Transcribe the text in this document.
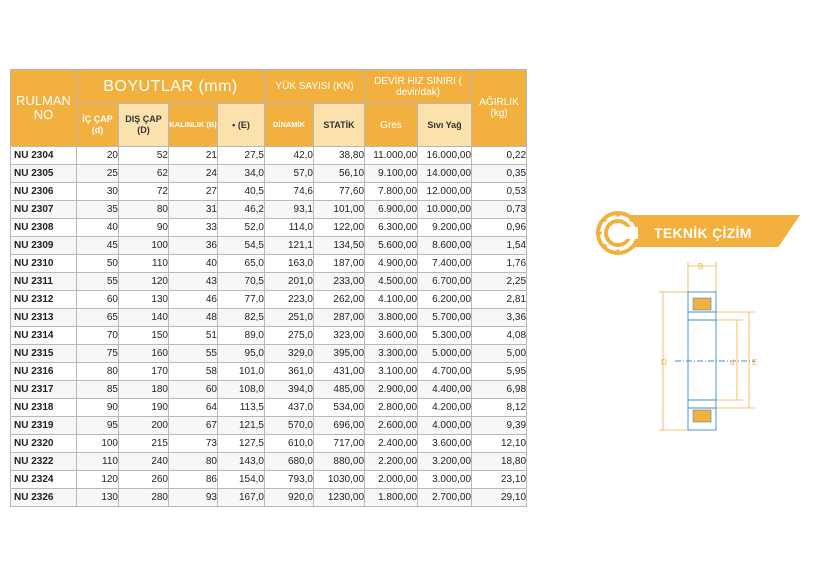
RULMAN NO	BOYUTLAR (mm)				YÜK SAYISI (KN)		DEVİR HIZ SINIRI ( devir/dak)		AĞIRLIK (kg)
	İÇ ÇAP (d)	DIŞ ÇAP (D)	KALINLIK (B)	• (E)	DİNAMİK	STATİK	Gres	Sıvı Yağ	
NU 2304	20	52	21	27,5	42,0	38,80	11.000,00	16.000,00	0,22
NU 2305	25	62	24	34,0	57,0	56,10	9.100,00	14.000,00	0,35
NU 2306	30	72	27	40,5	74,6	77,60	7.800,00	12.000,00	0,53
NU 2307	35	80	31	46,2	93,1	101,00	6.900,00	10.000,00	0,73
NU 2308	40	90	33	52,0	114,0	122,00	6.300,00	9.200,00	0,96
NU 2309	45	100	36	54,5	121,1	134,50	5.600,00	8.600,00	1,54
NU 2310	50	110	40	65,0	163,0	187,00	4.900,00	7.400,00	1,76
NU 2311	55	120	43	70,5	201,0	233,00	4.500,00	6.700,00	2,25
NU 2312	60	130	46	77,0	223,0	262,00	4.100,00	6.200,00	2,81
NU 2313	65	140	48	82,5	251,0	287,00	3.800,00	5.700,00	3,36
NU 2314	70	150	51	89,0	275,0	323,00	3.600,00	5.300,00	4,08
NU 2315	75	160	55	95,0	329,0	395,00	3.300,00	5.000,00	5,00
NU 2316	80	170	58	101,0	361,0	431,00	3.100,00	4.700,00	5,95
NU 2317	85	180	60	108,0	394,0	485,00	2.900,00	4.400,00	6,98
NU 2318	90	190	64	113,5	437,0	534,00	2.800,00	4.200,00	8,12
NU 2319	95	200	67	121,5	570,0	696,00	2.600,00	4.000,00	9,39
NU 2320	100	215	73	127,5	610,0	717,00	2.400,00	3.600,00	12,10
NU 2322	110	240	80	143,0	680,0	880,00	2.200,00	3.200,00	18,80
NU 2324	120	260	86	154,0	793,0	1030,00	2.000,00	3.000,00	23,10
NU 2326	130	280	93	167,0	920,0	1230,00	1.800,00	2.700,00	29,10
TEKNİK ÇİZİM
B
D	d E
